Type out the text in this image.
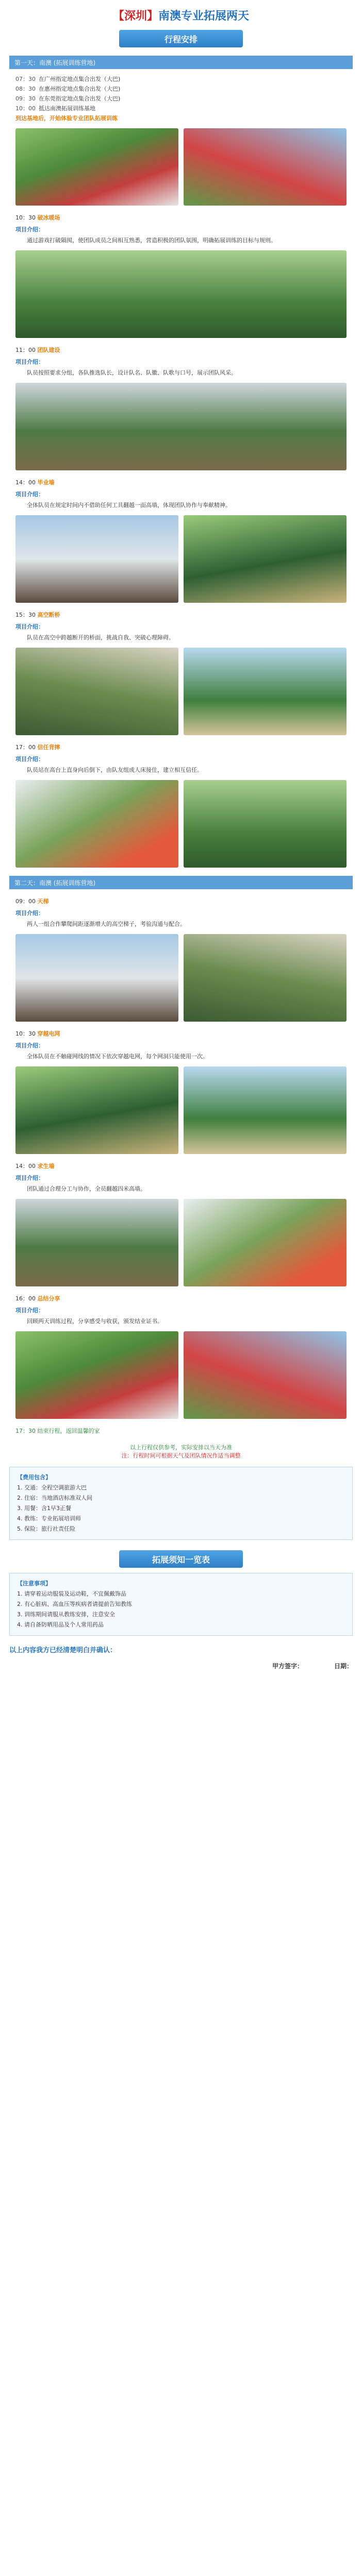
【深圳】 南澳专业拓展两天
行程安排
第一天：南澳 (拓展训练营地)
07：30 在广州指定地点集合出发（大巴)
08：30 在惠州指定地点集合出发（大巴)
09：30 在东莞指定地点集合出发（大巴)
10：00 抵达南澳拓展训练基地
到达基地后，开始体验专业团队拓展训练
10：30 破冰暖场
项目介绍：

通过游戏打破隔阂，使团队成员之间相互熟悉，营造积极的团队氛围，明确拓展训练的目标与规则。

11：00 团队建设
项目介绍：

队员按照要求分组，各队推选队长，设计队名、队徽、队歌与口号，展示团队风采。

14：00 毕业墙
项目介绍：

全体队员在规定时间内不借助任何工具翻越一面高墙，体现团队协作与奉献精神。

15：30 高空断桥
项目介绍：

队员在高空中跨越断开的桥面，挑战自我、突破心理障碍。

17：00 信任背摔
项目介绍：

队员站在高台上直身向后倒下，由队友组成人床接住，建立相互信任。

第二天：南澳 (拓展训练营地)
09：00 天梯
项目介绍：

两人一组合作攀爬间距逐渐增大的高空梯子，考验沟通与配合。

10：30 穿越电网
项目介绍：

全体队员在不触碰网线的情况下依次穿越电网，每个网洞只能使用一次。

14：00 求生墙
项目介绍：

团队通过合理分工与协作，全员翻越四米高墙。

16：00 总结分享
项目介绍：

回顾两天训练过程，分享感受与收获，颁发结业证书。

17：30 结束行程，返回温馨的家
以上行程仅供参考，实际安排以当天为准
注：行程时间可根据天气及团队情况作适当调整
【费用包含】
1. 交通：全程空调旅游大巴
2. 住宿：当地酒店标准双人间
3. 用餐：含1早3正餐
4. 教练：专业拓展培训师
5. 保险：旅行社责任险
拓展须知一览表
【注意事项】
1. 请穿着运动服装及运动鞋，不宜佩戴饰品
2. 有心脏病、高血压等疾病者请提前告知教练
3. 训练期间请服从教练安排，注意安全
4. 请自备防晒用品及个人常用药品
以上内容我方已经清楚明白并确认：
甲方签字：	日期：
